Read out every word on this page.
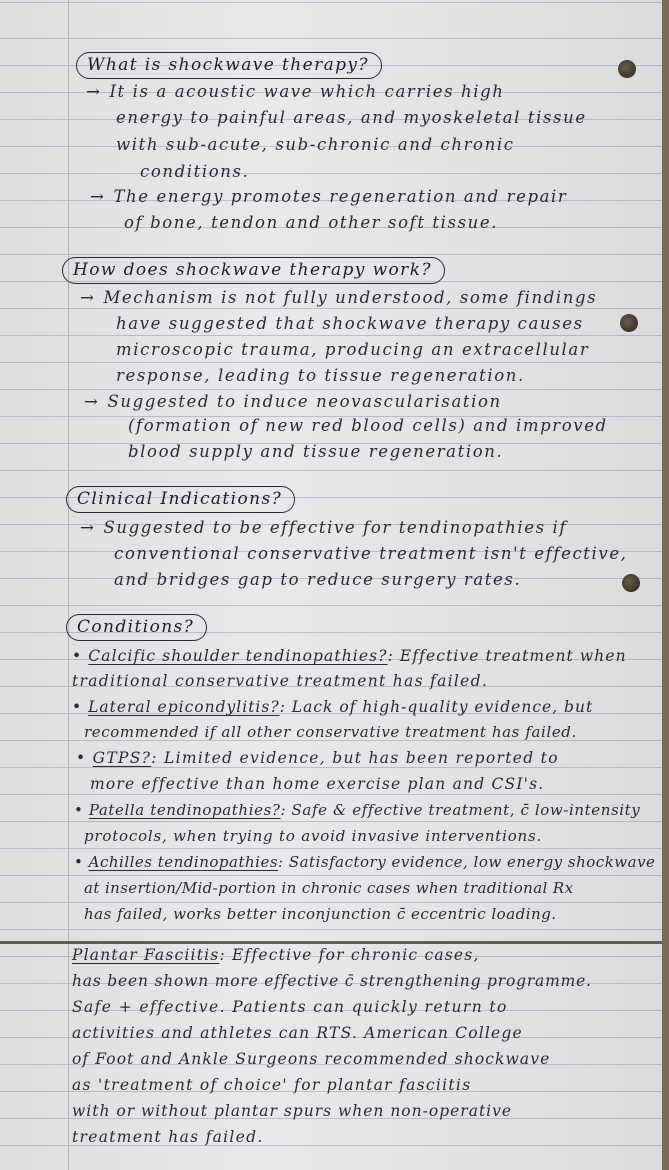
What is shockwave therapy?
→ It is a acoustic wave which carries high
energy to painful areas, and myoskeletal tissue
with sub-acute, sub-chronic and chronic
conditions.
→ The energy promotes regeneration and repair
of bone, tendon and other soft tissue.
How does shockwave therapy work?
→ Mechanism is not fully understood, some findings
have suggested that shockwave therapy causes
microscopic trauma, producing an extracellular
response, leading to tissue regeneration.
→ Suggested to induce neovascularisation
(formation of new red blood cells) and improved
blood supply and tissue regeneration.
Clinical Indications?
→ Suggested to be effective for tendinopathies if
conventional conservative treatment isn't effective,
and bridges gap to reduce surgery rates.
Conditions?
• Calcific shoulder tendinopathies?: Effective treatment when
traditional conservative treatment has failed.
• Lateral epicondylitis?: Lack of high-quality evidence, but
recommended if all other conservative treatment has failed.
• GTPS?: Limited evidence, but has been reported to
more effective than home exercise plan and CSI's.
• Patella tendinopathies?: Safe & effective treatment, c̄ low-intensity
protocols, when trying to avoid invasive interventions.
• Achilles tendinopathies: Satisfactory evidence, low energy shockwave
at insertion/Mid-portion in chronic cases when traditional Rx
has failed, works better inconjunction c̄ eccentric loading.
Plantar Fasciitis: Effective for chronic cases,
has been shown more effective c̄ strengthening programme.
Safe + effective. Patients can quickly return to
activities and athletes can RTS. American College
of Foot and Ankle Surgeons recommended shockwave
as 'treatment of choice' for plantar fasciitis
with or without plantar spurs when non-operative
treatment has failed.
